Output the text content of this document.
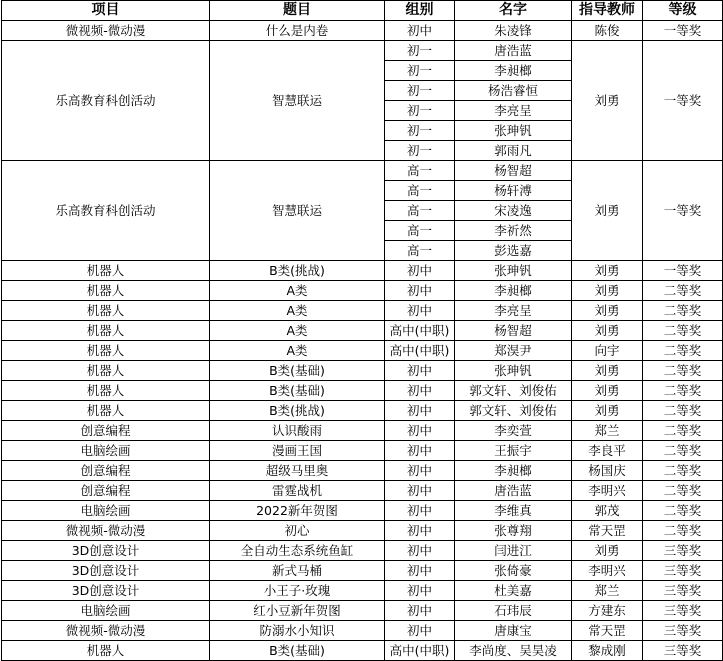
项目	题目	组别	名字	指导教师	等级
微视频-微动漫	什么是内卷	初中	朱凌锋	陈俊	一等奖
乐高教育科创活动	智慧联运	初一	唐浩蓝	刘勇	一等奖
		初一	李昶榔		
		初一	杨浩睿恒		
		初一	李亮呈		
		初一	张珅钒		
		初一	郭雨凡		
乐高教育科创活动	智慧联运	高一	杨智超	刘勇	一等奖
		高一	杨轩溥		
		高一	宋凌逸		
		高一	李祈然		
		高一	彭选嘉		
机器人	B类(挑战)	初中	张珅钒	刘勇	一等奖
机器人	A类	初中	李昶榔	刘勇	二等奖
机器人	A类	初中	李亮呈	刘勇	二等奖
机器人	A类	高中(中职)	杨智超	刘勇	二等奖
机器人	A类	高中(中职)	郑淏尹	向宇	二等奖
机器人	B类(基础)	初中	张珅钒	刘勇	二等奖
机器人	B类(基础)	初中	郭文轩、刘俊佑	刘勇	二等奖
机器人	B类(挑战)	初中	郭文轩、刘俊佑	刘勇	二等奖
创意编程	认识酸雨	初中	李奕萱	郑兰	二等奖
电脑绘画	漫画王国	初中	王振宇	李良平	二等奖
创意编程	超级马里奥	初中	李昶榔	杨国庆	二等奖
创意编程	雷霆战机	初中	唐浩蓝	李明兴	二等奖
电脑绘画	2022新年贺图	初中	李维真	郭茂	二等奖
微视频-微动漫	初心	初中	张尊翔	常天罡	二等奖
3D创意设计	全自动生态系统鱼缸	初中	闫进江	刘勇	三等奖
3D创意设计	新式马桶	初中	张倚豪	李明兴	三等奖
3D创意设计	小王子·玫瑰	初中	杜美嘉	郑兰	三等奖
电脑绘画	红小豆新年贺图	初中	石玮辰	方建东	三等奖
微视频-微动漫	防溺水小知识	初中	唐康宝	常天罡	三等奖
机器人	B类(基础)	高中(中职)	李尚度、吴昊凌	黎成刚	三等奖
